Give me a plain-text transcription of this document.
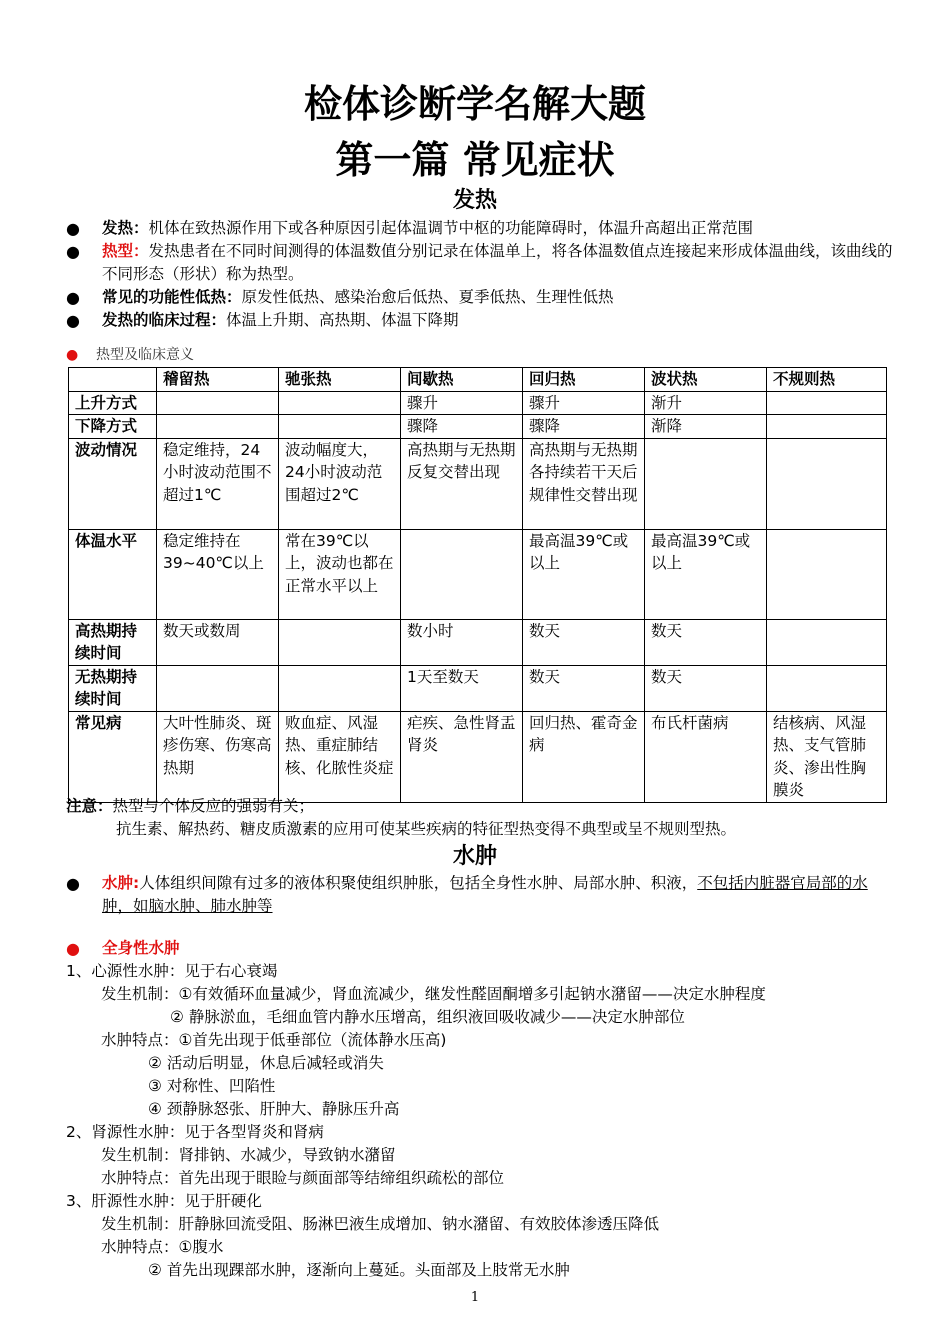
检体诊断学名解大题
第一篇 常见症状
发热
● 发热：机体在致热源作用下或各种原因引起体温调节中枢的功能障碍时，体温升高超出正常范围
● 热型：发热患者在不同时间测得的体温数值分别记录在体温单上，将各体温数值点连接起来形成体温曲线，该曲线的不同形态（形状）称为热型。
● 常见的功能性低热：原发性低热、感染治愈后低热、夏季低热、生理性低热
● 发热的临床过程：体温上升期、高热期、体温下降期
● 热型及临床意义
	稽留热	驰张热	间歇热	回归热	波状热	不规则热
上升方式			骤升	骤升	渐升	
下降方式			骤降	骤降	渐降	
波动情况	稳定维持，24小时波动范围不超过1℃	波动幅度大，24小时波动范围超过2℃	高热期与无热期反复交替出现	高热期与无热期各持续若干天后规律性交替出现		
体温水平	稳定维持在39~40℃以上	常在39℃以上，波动也都在正常水平以上		最高温39℃或以上	最高温39℃或以上	
高热期持续时间	数天或数周		数小时	数天	数天	
无热期持续时间			1天至数天	数天	数天	
常见病	大叶性肺炎、斑疹伤寒、伤寒高热期	败血症、风湿热、重症肺结核、化脓性炎症	疟疾、急性肾盂肾炎	回归热、霍奇金病	布氏杆菌病	结核病、风湿热、支气管肺炎、渗出性胸膜炎
注意：热型与个体反应的强弱有关；
抗生素、解热药、糖皮质激素的应用可使某些疾病的特征型热变得不典型或呈不规则型热。
水肿
● 水肿:人体组织间隙有过多的液体积聚使组织肿胀，包括全身性水肿、局部水肿、积液，不包括内脏器官局部的水肿，如脑水肿、肺水肿等
● 全身性水肿
1、心源性水肿：见于右心衰竭
发生机制：①有效循环血量减少，肾血流减少，继发性醛固酮增多引起钠水潴留——决定水肿程度
② 静脉淤血，毛细血管内静水压增高，组织液回吸收减少——决定水肿部位
水肿特点：①首先出现于低垂部位（流体静水压高)
② 活动后明显，休息后减轻或消失
③ 对称性、凹陷性
④ 颈静脉怒张、肝肿大、静脉压升高
2、肾源性水肿：见于各型肾炎和肾病
发生机制：肾排钠、水减少，导致钠水潴留
水肿特点：首先出现于眼睑与颜面部等结缔组织疏松的部位
3、肝源性水肿：见于肝硬化
发生机制：肝静脉回流受阻、肠淋巴液生成增加、钠水潴留、有效胶体渗透压降低
水肿特点：①腹水
② 首先出现踝部水肿，逐渐向上蔓延。头面部及上肢常无水肿
1
